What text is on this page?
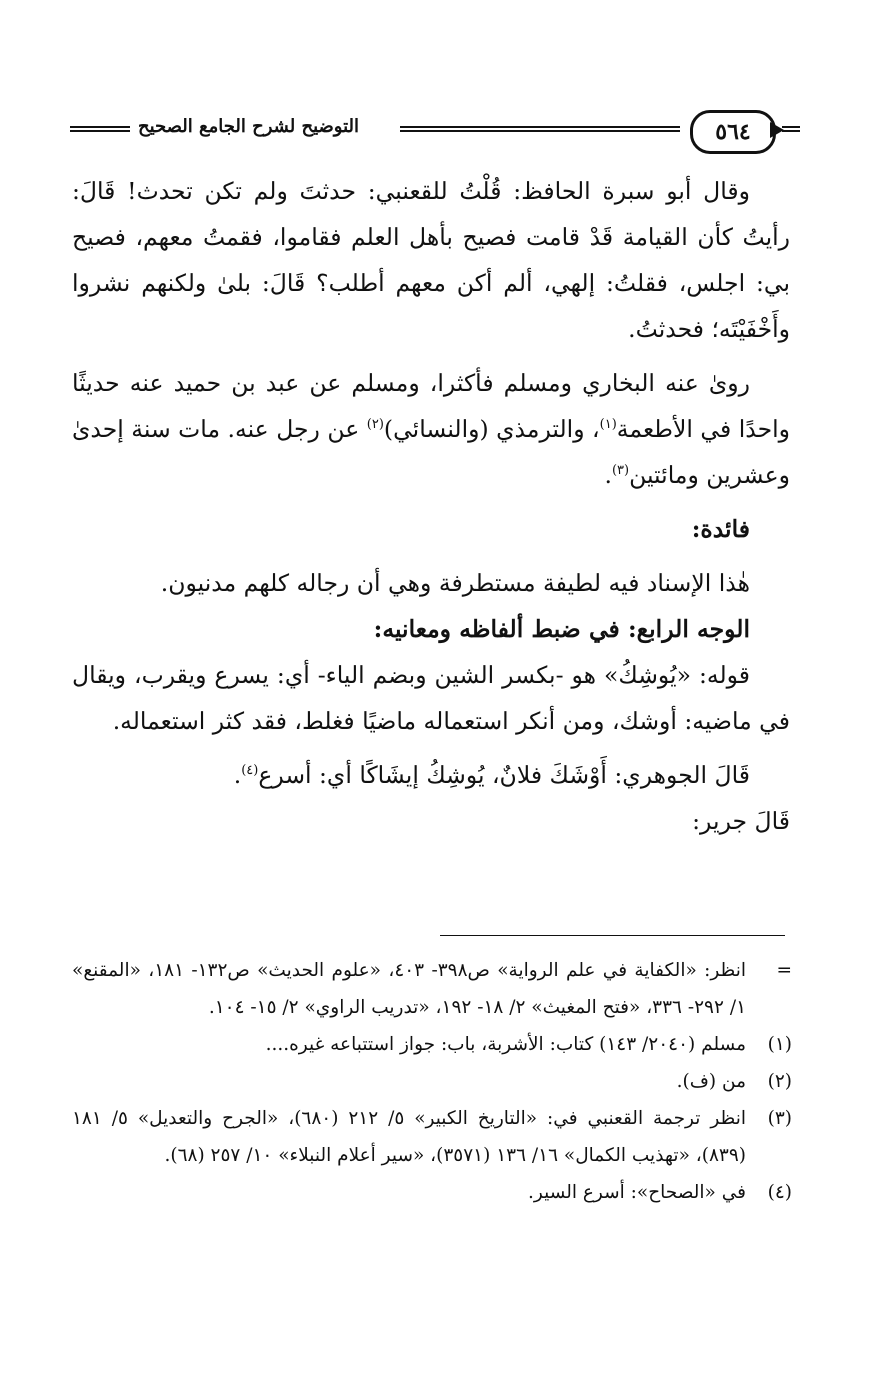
التوضيح لشرح الجامع الصحيح	٥٦٤

وقال أبو سبرة الحافظ: قُلْتُ للقعنبي: حدثتَ ولم تكن تحدث! قَالَ: رأيتُ كأن القيامة قَدْ قامت فصيح بأهل العلم فقاموا، فقمتُ معهم، فصيح بي: اجلس، فقلتُ: إلهي، ألم أكن معهم أطلب؟ قَالَ: بلىٰ ولكنهم نشروا وأَخْفَيْتَه؛ فحدثتُ.

روىٰ عنه البخاري ومسلم فأكثرا، ومسلم عن عبد بن حميد عنه حديثًا واحدًا في الأطعمة$^{(١)}$، والترمذي (والنسائي)$^{(٢)}$ عن رجل عنه. مات سنة إحدىٰ وعشرين ومائتين$^{(٣)}$.

فائدة:

هٰذا الإسناد فيه لطيفة مستطرفة وهي أن رجاله كلهم مدنيون.

الوجه الرابع: في ضبط ألفاظه ومعانيه:

قوله: «يُوشِكُ» هو -بكسر الشين وبضم الياء- أي: يسرع ويقرب، ويقال في ماضيه: أوشك، ومن أنكر استعماله ماضيًا فغلط، فقد كثر استعماله.

قَالَ الجوهري: أَوْشَكَ فلانٌ، يُوشِكُ إيشَاكًا أي: أسرع$^{(٤)}$.

قَالَ جرير:

=
انظر: «الكفاية في علم الرواية» ص٣٩٨- ٤٠٣، «علوم الحديث» ص١٣٢- ١٨١، «المقنع» ١/ ٢٩٢- ٣٣٦، «فتح المغيث» ٢/ ١٨- ١٩٢، «تدريب الراوي» ٢/ ١٥- ١٠٤.
(١)
مسلم (٢٠٤٠/ ١٤٣) كتاب: الأشربة، باب: جواز استتباعه غيره....
(٢)
من (ف).
(٣)
انظر ترجمة القعنبي في: «التاريخ الكبير» ٥/ ٢١٢ (٦٨٠)، «الجرح والتعديل» ٥/ ١٨١ (٨٣٩)، «تهذيب الكمال» ١٦/ ١٣٦ (٣٥٧١)، «سير أعلام النبلاء» ١٠/ ٢٥٧ (٦٨).
(٤)
في «الصحاح»: أسرع السير.
